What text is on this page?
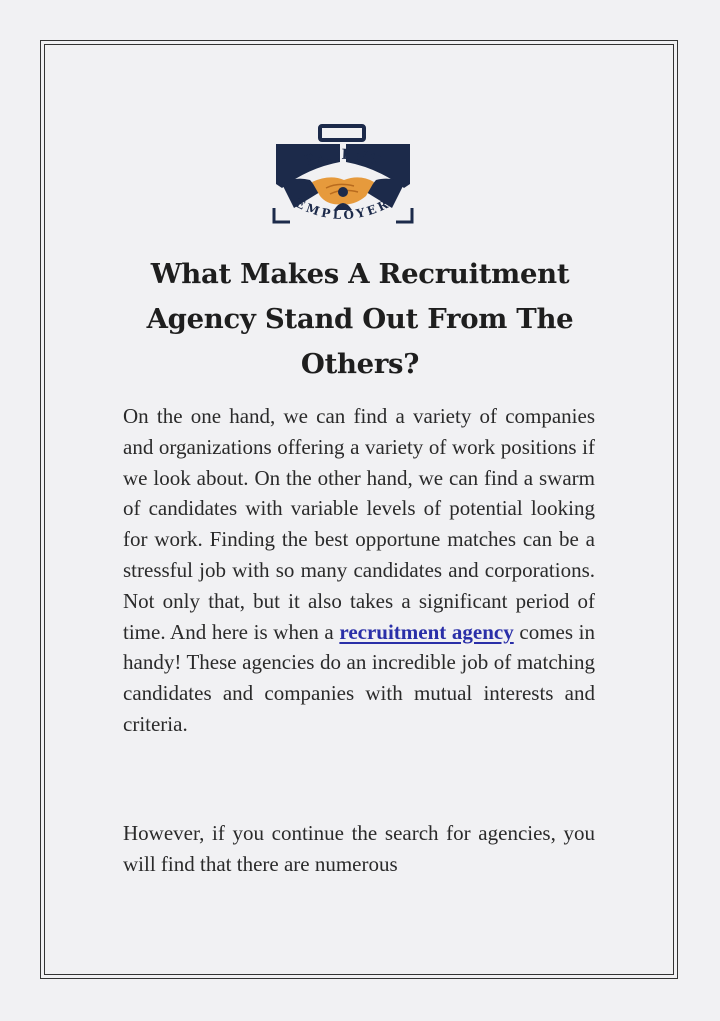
TALENT
EMPLOYER
What Makes A Recruitment Agency Stand Out From The Others?

On the one hand, we can find a variety of companies and organizations offering a variety of work positions if we look about. On the other hand, we can find a swarm of candidates with variable levels of potential looking for work. Finding the best opportune matches can be a stressful job with so many candidates and corporations. Not only that, but it also takes a significant period of time. And here is when a recruitment agency comes in handy! These agencies do an incredible job of matching candidates and companies with mutual interests and criteria.

However, if you continue the search for agencies, you will find that there are numerous
